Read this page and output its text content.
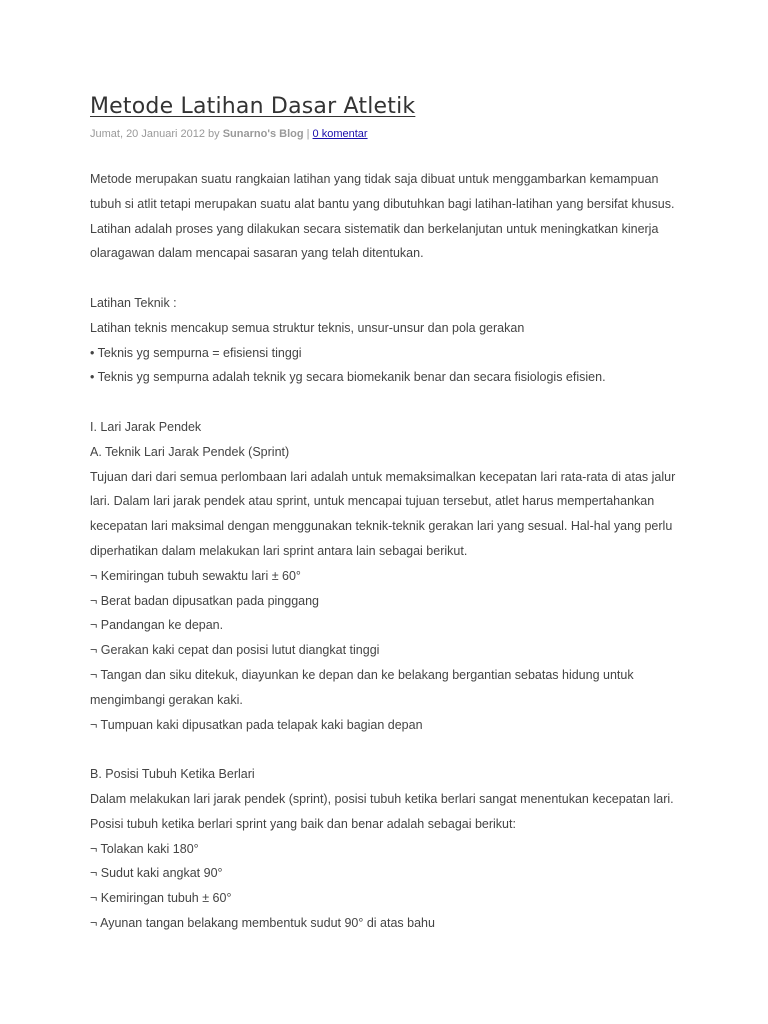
Metode Latihan Dasar Atletik
Jumat, 20 Januari 2012 by Sunarno's Blog | 0 komentar
Metode merupakan suatu rangkaian latihan yang tidak saja dibuat untuk menggambarkan kemampuan
tubuh si atlit tetapi merupakan suatu alat bantu yang dibutuhkan bagi latihan-latihan yang bersifat khusus.
Latihan adalah proses yang dilakukan secara sistematik dan berkelanjutan untuk meningkatkan kinerja
olaragawan dalam mencapai sasaran yang telah ditentukan.
Latihan Teknik :
Latihan teknis mencakup semua struktur teknis, unsur-unsur dan pola gerakan
• Teknis yg sempurna = efisiensi tinggi
• Teknis yg sempurna adalah teknik yg secara biomekanik benar dan secara fisiologis efisien.
I. Lari Jarak Pendek
A. Teknik Lari Jarak Pendek (Sprint)
Tujuan dari dari semua perlombaan lari adalah untuk memaksimalkan kecepatan lari rata-rata di atas jalur
lari. Dalam lari jarak pendek atau sprint, untuk mencapai tujuan tersebut, atlet harus mempertahankan
kecepatan lari maksimal dengan menggunakan teknik-teknik gerakan lari yang sesual. Hal-hal yang perlu
diperhatikan dalam melakukan lari sprint antara lain sebagai berikut.
¬ Kemiringan tubuh sewaktu lari ± 60°
¬ Berat badan dipusatkan pada pinggang
¬ Pandangan ke depan.
¬ Gerakan kaki cepat dan posisi lutut diangkat tinggi
¬ Tangan dan siku ditekuk, diayunkan ke depan dan ke belakang bergantian sebatas hidung untuk
mengimbangi gerakan kaki.
¬ Tumpuan kaki dipusatkan pada telapak kaki bagian depan
B. Posisi Tubuh Ketika Berlari
Dalam melakukan lari jarak pendek (sprint), posisi tubuh ketika berlari sangat menentukan kecepatan lari.
Posisi tubuh ketika berlari sprint yang baik dan benar adalah sebagai berikut:
¬ Tolakan kaki 180°
¬ Sudut kaki angkat 90°
¬ Kemiringan tubuh ± 60°
¬ Ayunan tangan belakang membentuk sudut 90° di atas bahu
